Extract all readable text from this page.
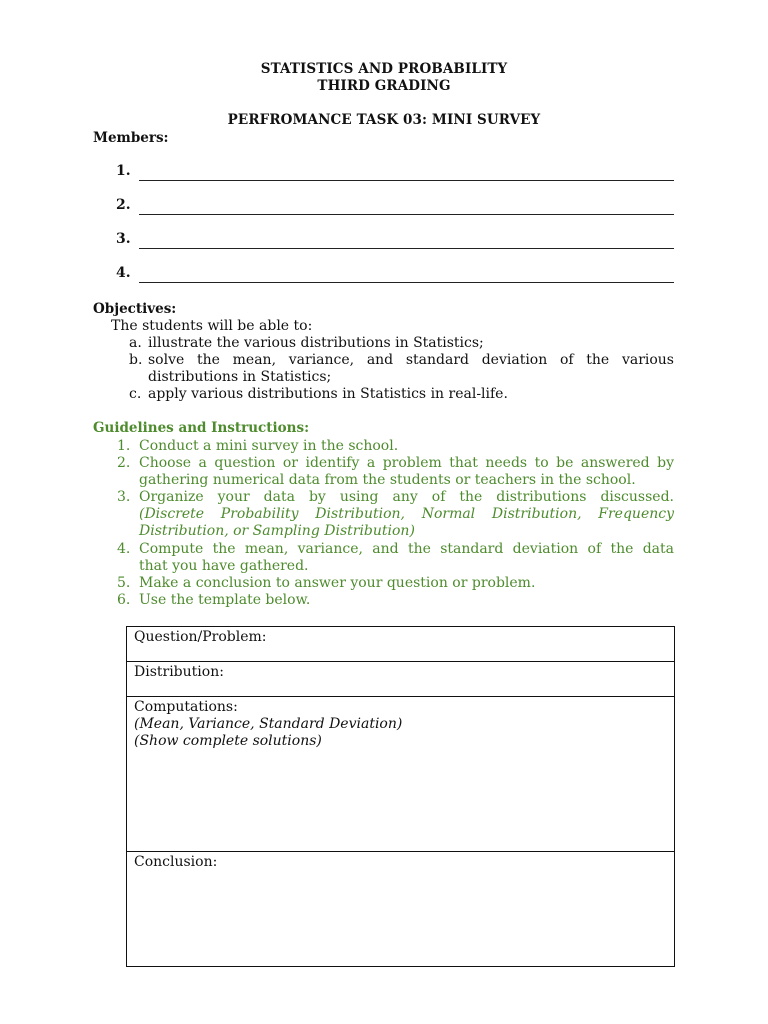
STATISTICS AND PROBABILITY
THIRD GRADING
PERFROMANCE TASK 03: MINI SURVEY
Members:
1.
2.
3.
4.
Objectives:
The students will be able to:
a. illustrate the various distributions in Statistics;
b. solve the mean, variance, and standard deviation of the various
distributions in Statistics;
c. apply various distributions in Statistics in real-life.
Guidelines and Instructions:
1. Conduct a mini survey in the school.
2. Choose a question or identify a problem that needs to be answered by
gathering numerical data from the students or teachers in the school.
3. Organize your data by using any of the distributions discussed.
(Discrete Probability Distribution, Normal Distribution, Frequency
Distribution, or Sampling Distribution)
4. Compute the mean, variance, and the standard deviation of the data
that you have gathered.
5. Make a conclusion to answer your question or problem.
6. Use the template below.
Question/Problem:
Distribution:

Computations:
(Mean, Variance, Standard Deviation)
(Show complete solutions)

Conclusion:
